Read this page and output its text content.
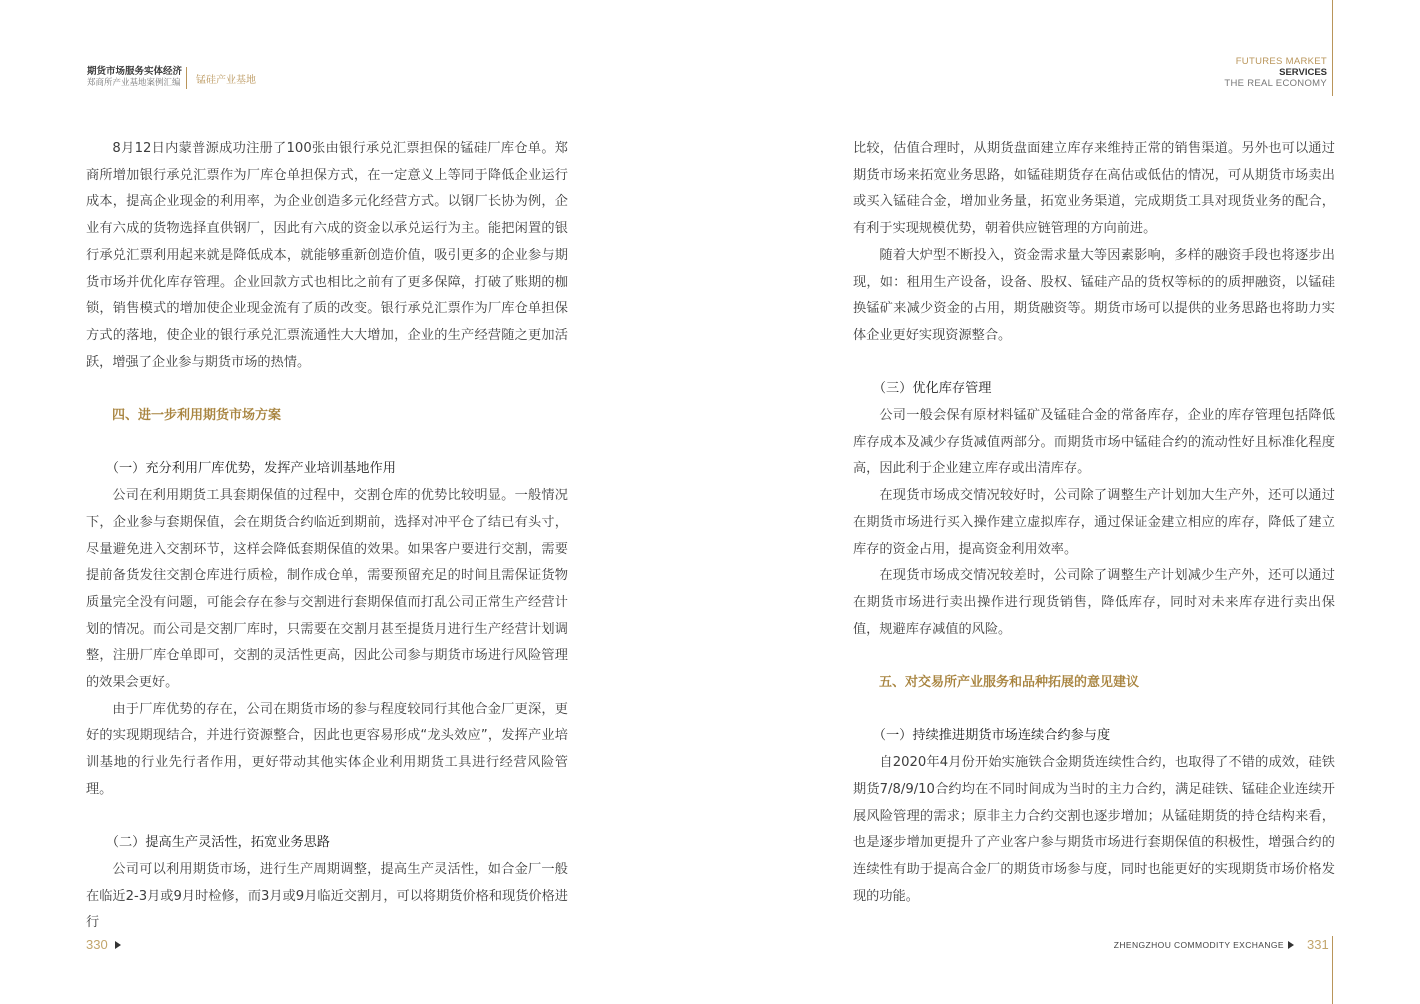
期货市场服务实体经济
郑商所产业基地案例汇编 锰硅产业基地
FUTURES MARKET
SERVICES
THE REAL ECONOMY

8月12日内蒙普源成功注册了100张由银行承兑汇票担保的锰硅厂库仓单。郑商所增加银行承兑汇票作为厂库仓单担保方式，在一定意义上等同于降低企业运行成本，提高企业现金的利用率，为企业创造多元化经营方式。以钢厂长协为例，企业有六成的货物选择直供钢厂，因此有六成的资金以承兑运行为主。能把闲置的银行承兑汇票利用起来就是降低成本，就能够重新创造价值，吸引更多的企业参与期货市场并优化库存管理。企业回款方式也相比之前有了更多保障，打破了账期的枷锁，销售模式的增加使企业现金流有了质的改变。银行承兑汇票作为厂库仓单担保方式的落地，使企业的银行承兑汇票流通性大大增加，企业的生产经营随之更加活跃，增强了企业参与期货市场的热情。

四、进一步利用期货市场方案

（一）充分利用厂库优势，发挥产业培训基地作用

公司在利用期货工具套期保值的过程中，交割仓库的优势比较明显。一般情况下，企业参与套期保值，会在期货合约临近到期前，选择对冲平仓了结已有头寸，尽量避免进入交割环节，这样会降低套期保值的效果。如果客户要进行交割，需要提前备货发往交割仓库进行质检，制作成仓单，需要预留充足的时间且需保证货物质量完全没有问题，可能会存在参与交割进行套期保值而打乱公司正常生产经营计划的情况。而公司是交割厂库时，只需要在交割月甚至提货月进行生产经营计划调整，注册厂库仓单即可，交割的灵活性更高，因此公司参与期货市场进行风险管理的效果会更好。

由于厂库优势的存在，公司在期货市场的参与程度较同行其他合金厂更深，更好的实现期现结合，并进行资源整合，因此也更容易形成“龙头效应”，发挥产业培训基地的行业先行者作用，更好带动其他实体企业利用期货工具进行经营风险管理。

（二）提高生产灵活性，拓宽业务思路

公司可以利用期货市场，进行生产周期调整，提高生产灵活性，如合金厂一般在临近2-3月或9月时检修，而3月或9月临近交割月，可以将期货价格和现货价格进行

比较，估值合理时，从期货盘面建立库存来维持正常的销售渠道。另外也可以通过期货市场来拓宽业务思路，如锰硅期货存在高估或低估的情况，可从期货市场卖出或买入锰硅合金，增加业务量，拓宽业务渠道，完成期货工具对现货业务的配合，有利于实现规模优势，朝着供应链管理的方向前进。

随着大炉型不断投入，资金需求量大等因素影响，多样的融资手段也将逐步出现，如：租用生产设备，设备、股权、锰硅产品的货权等标的的质押融资，以锰硅换锰矿来减少资金的占用，期货融资等。期货市场可以提供的业务思路也将助力实体企业更好实现资源整合。

（三）优化库存管理

公司一般会保有原材料锰矿及锰硅合金的常备库存，企业的库存管理包括降低库存成本及减少存货减值两部分。而期货市场中锰硅合约的流动性好且标准化程度高，因此利于企业建立库存或出清库存。

在现货市场成交情况较好时，公司除了调整生产计划加大生产外，还可以通过在期货市场进行买入操作建立虚拟库存，通过保证金建立相应的库存，降低了建立库存的资金占用，提高资金利用效率。

在现货市场成交情况较差时，公司除了调整生产计划减少生产外，还可以通过在期货市场进行卖出操作进行现货销售，降低库存，同时对未来库存进行卖出保值，规避库存减值的风险。

五、对交易所产业服务和品种拓展的意见建议

（一）持续推进期货市场连续合约参与度

自2020年4月份开始实施铁合金期货连续性合约，也取得了不错的成效，硅铁期货7/8/9/10合约均在不同时间成为当时的主力合约，满足硅铁、锰硅企业连续开展风险管理的需求；原非主力合约交割也逐步增加；从锰硅期货的持仓结构来看，也是逐步增加更提升了产业客户参与期货市场进行套期保值的积极性，增强合约的连续性有助于提高合金厂的期货市场参与度，同时也能更好的实现期货市场价格发现的功能。

330	ZHENGZHOU COMMODITY EXCHANGE 331
